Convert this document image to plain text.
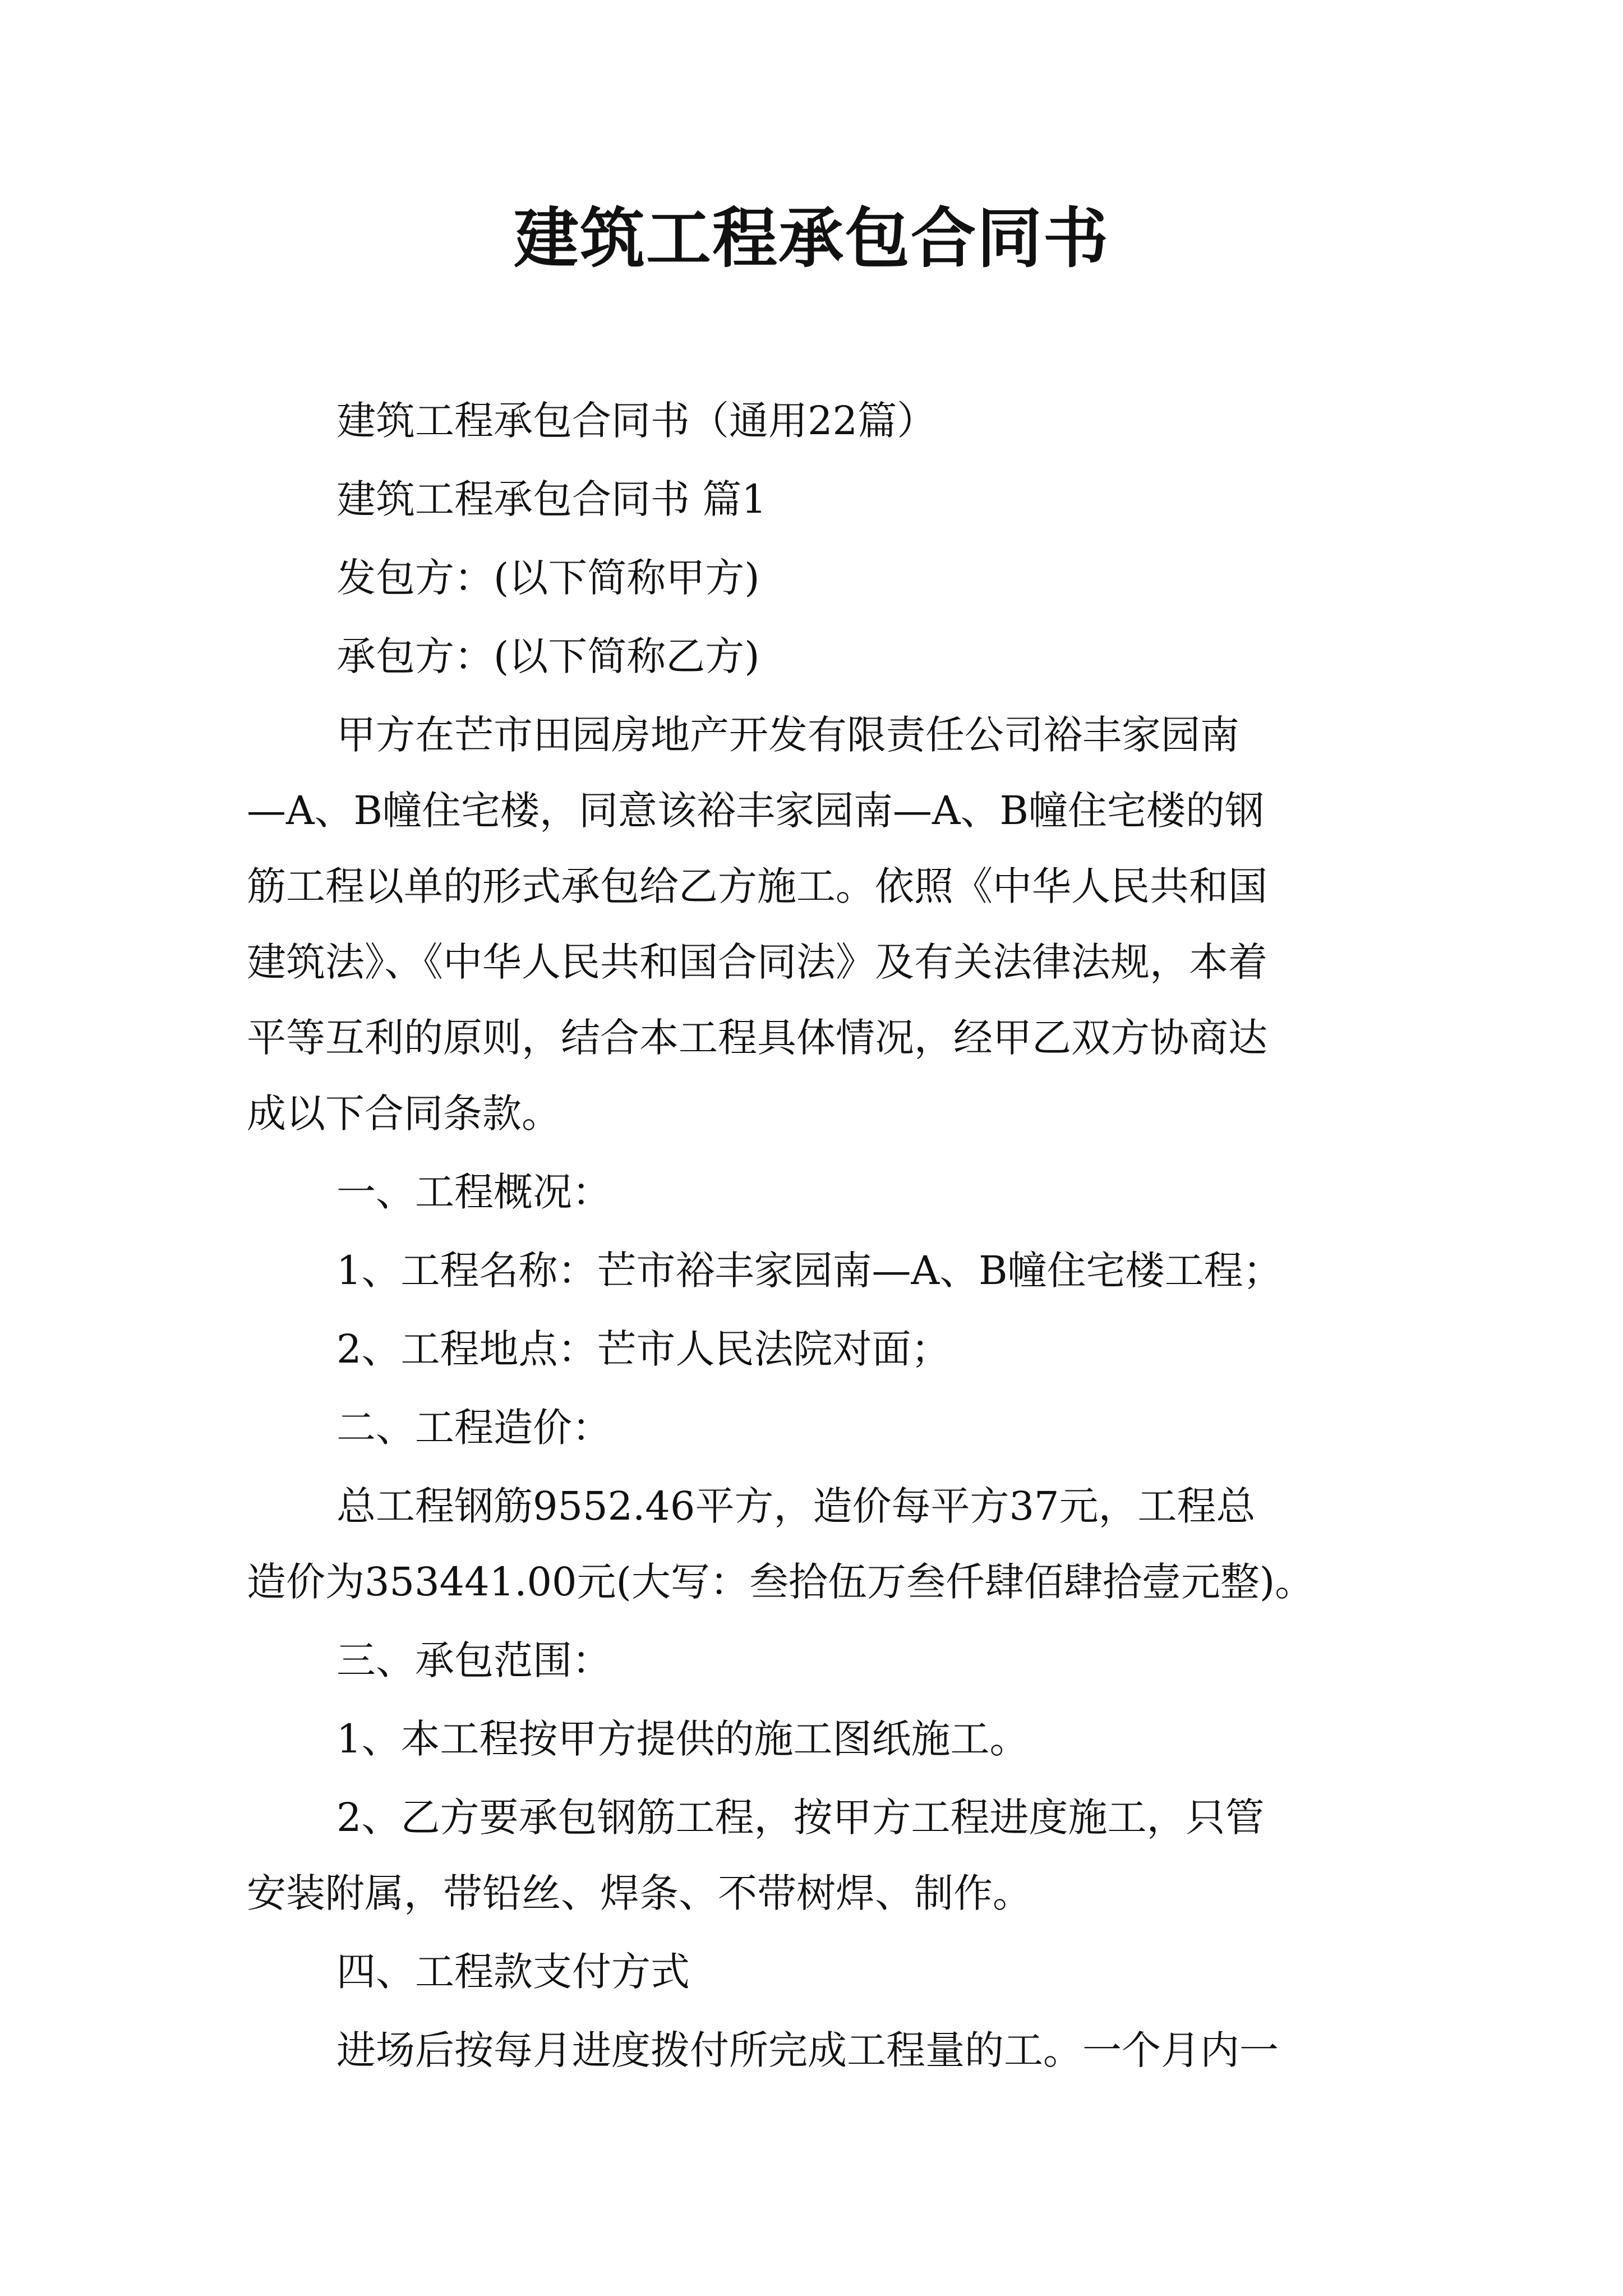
建筑工程承包合同书
建筑工程承包合同书（通用22篇）
建筑工程承包合同书 篇1
发包方：(以下简称甲方)
承包方：(以下简称乙方)
甲方在芒市田园房地产开发有限责任公司裕丰家园南
—A、B幢住宅楼，同意该裕丰家园南—A、B幢住宅楼的钢
筋工程以单的形式承包给乙方施工。依照《中华人民共和国
建筑法》、《中华人民共和国合同法》及有关法律法规，本着
平等互利的原则，结合本工程具体情况，经甲乙双方协商达
成以下合同条款。
一、工程概况：
1、工程名称：芒市裕丰家园南—A、B幢住宅楼工程；
2、工程地点：芒市人民法院对面；
二、工程造价：
总工程钢筋9552.46平方，造价每平方37元，工程总
造价为353441.00元(大写：叁拾伍万叁仟肆佰肆拾壹元整)。
三、承包范围：
1、本工程按甲方提供的施工图纸施工。
2、乙方要承包钢筋工程，按甲方工程进度施工，只管
安装附属，带铅丝、焊条、不带树焊、制作。
四、工程款支付方式
进场后按每月进度拨付所完成工程量的工。一个月内一
